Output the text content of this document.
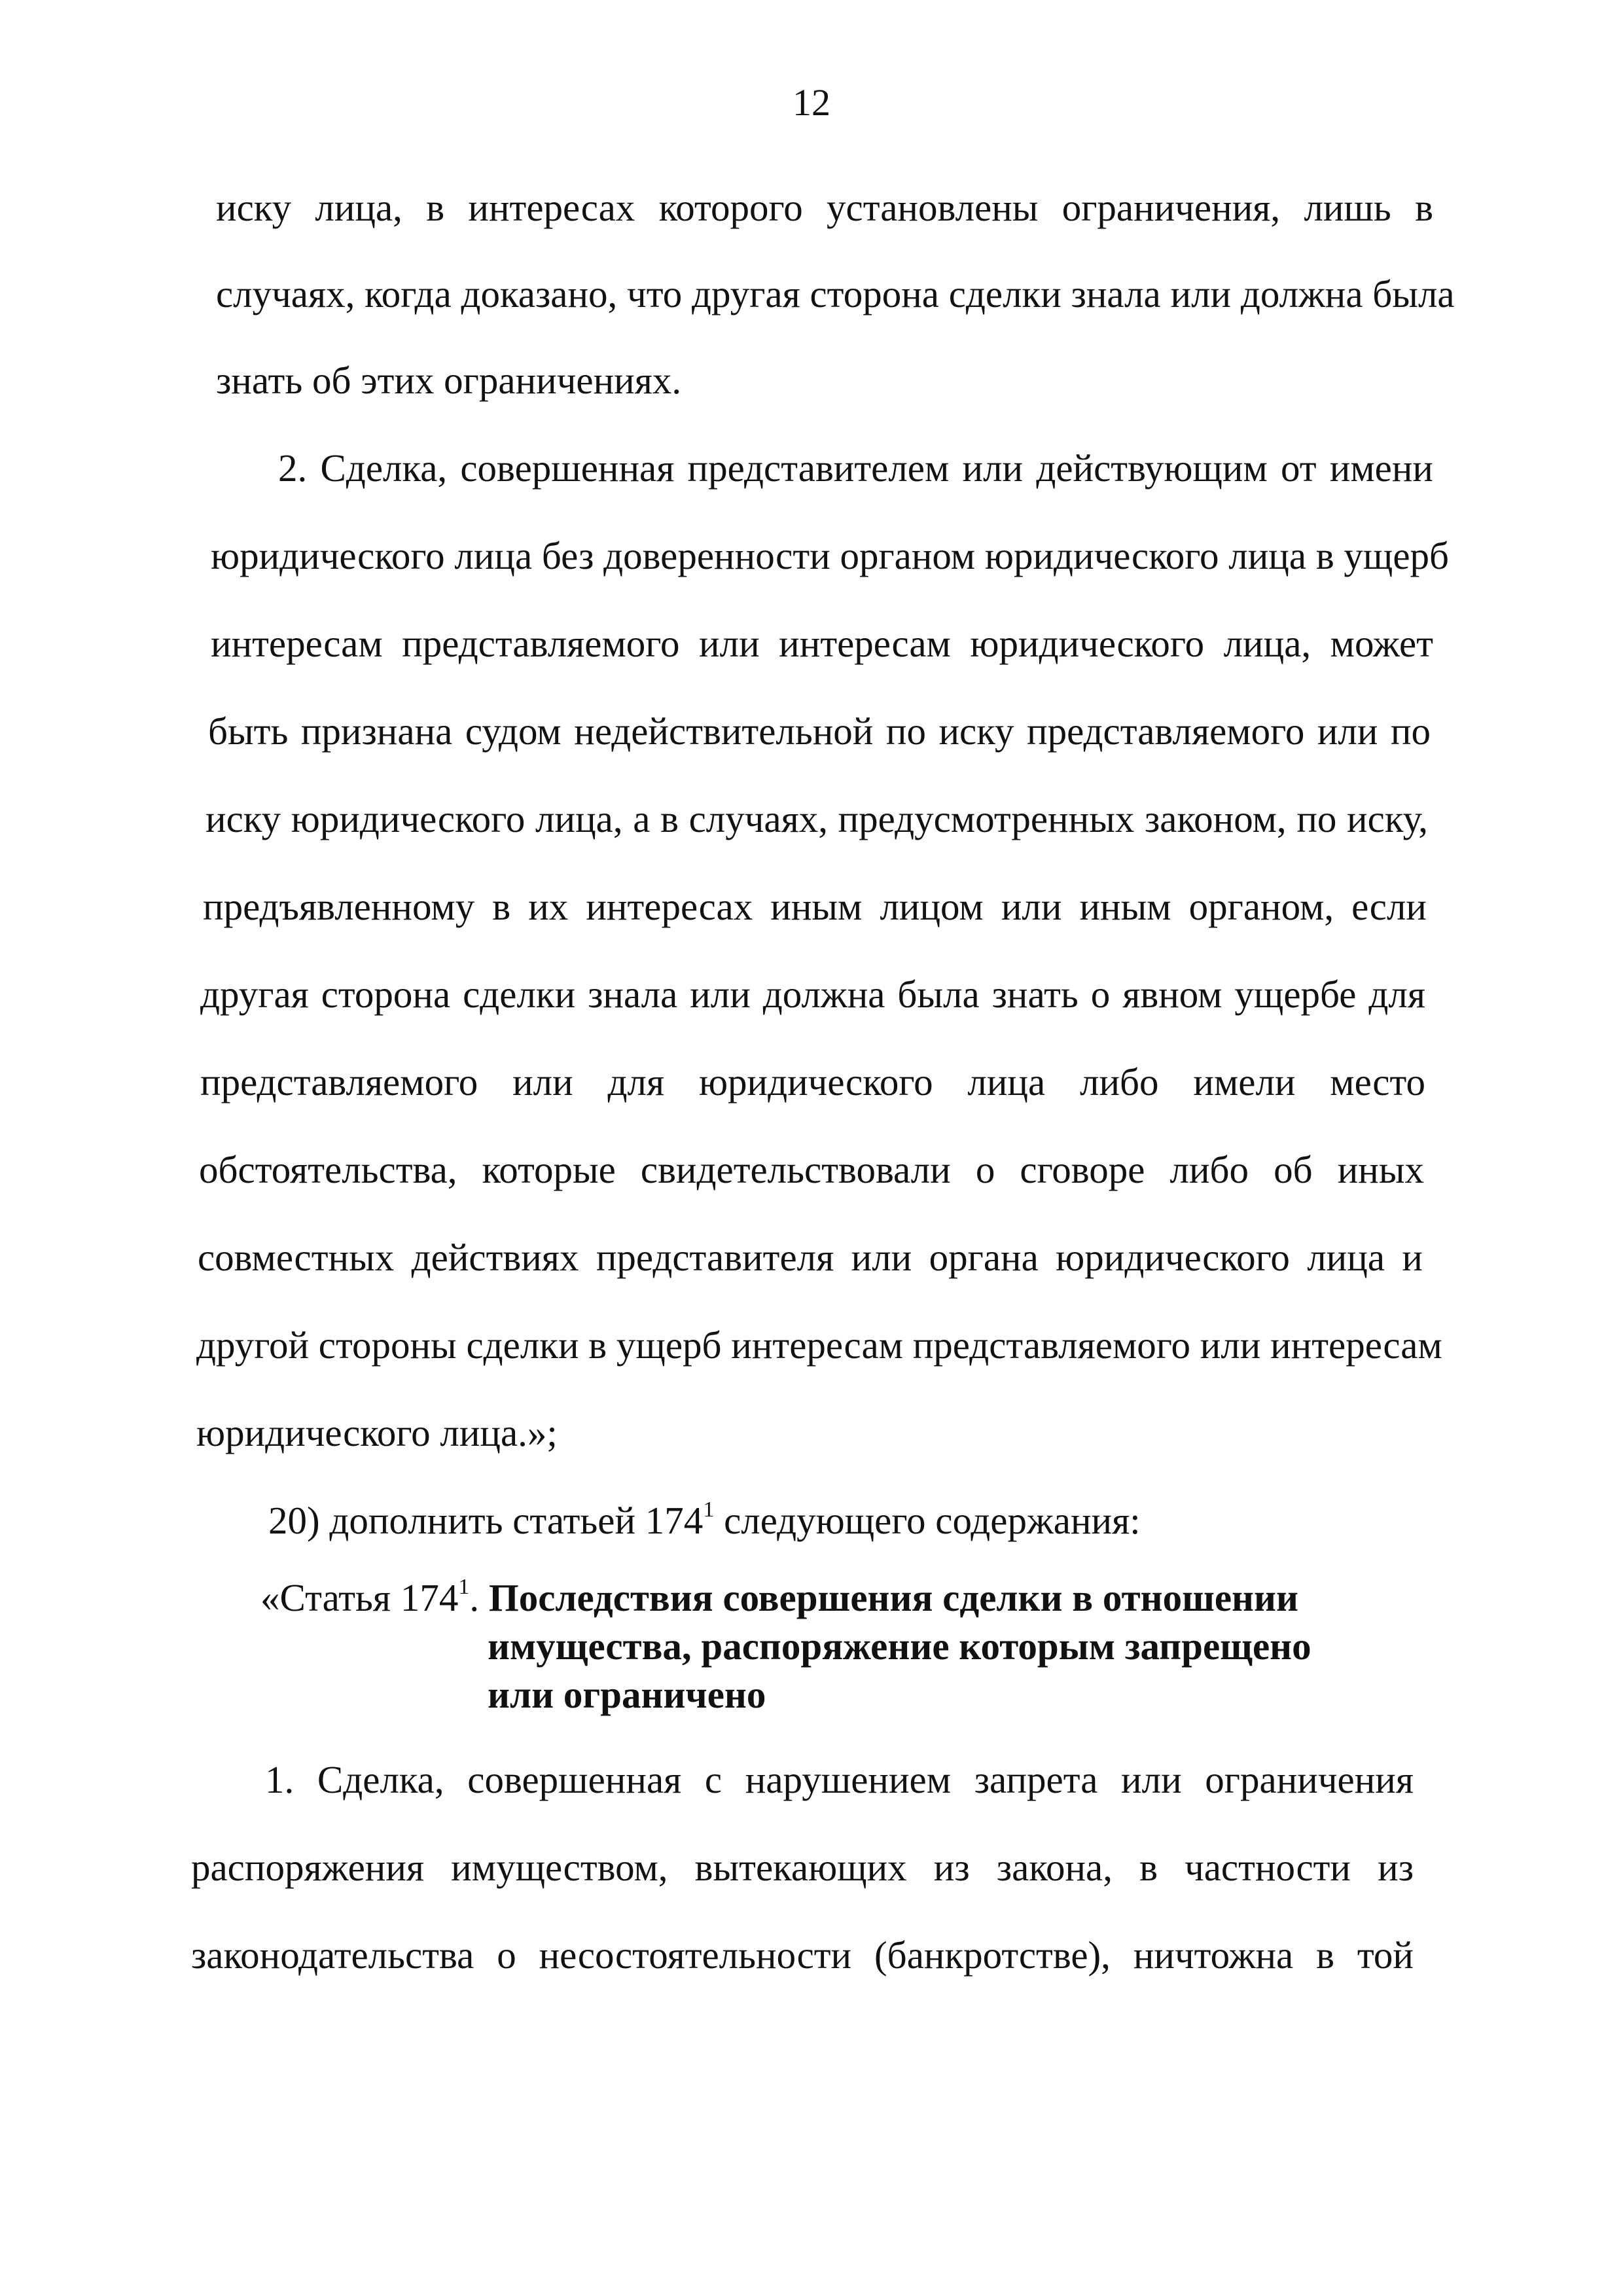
12
иску лица, в интересах которого установлены ограничения, лишь в
случаях, когда доказано, что другая сторона сделки знала или должна была
знать об этих ограничениях.
2. Сделка, совершенная представителем или действующим от имени
юридического лица без доверенности органом юридического лица в ущерб
интересам представляемого или интересам юридического лица, может
быть признана судом недействительной по иску представляемого или по
иску юридического лица, а в случаях, предусмотренных законом, по иску,
предъявленному в их интересах иным лицом или иным органом, если
другая сторона сделки знала или должна была знать о явном ущербе для
представляемого или для юридического лица либо имели место
обстоятельства, которые свидетельствовали о сговоре либо об иных
совместных действиях представителя или органа юридического лица и
другой стороны сделки в ущерб интересам представляемого или интересам
юридического лица.»;
20) дополнить статьей 174$^1$ следующего содержания:
«Статья 174$^1$. Последствия совершения сделки в отношении
имущества, распоряжение которым запрещено
или ограничено
1. Сделка, совершенная с нарушением запрета или ограничения
распоряжения имуществом, вытекающих из закона, в частности из
законодательства о несостоятельности (банкротстве), ничтожна в той
